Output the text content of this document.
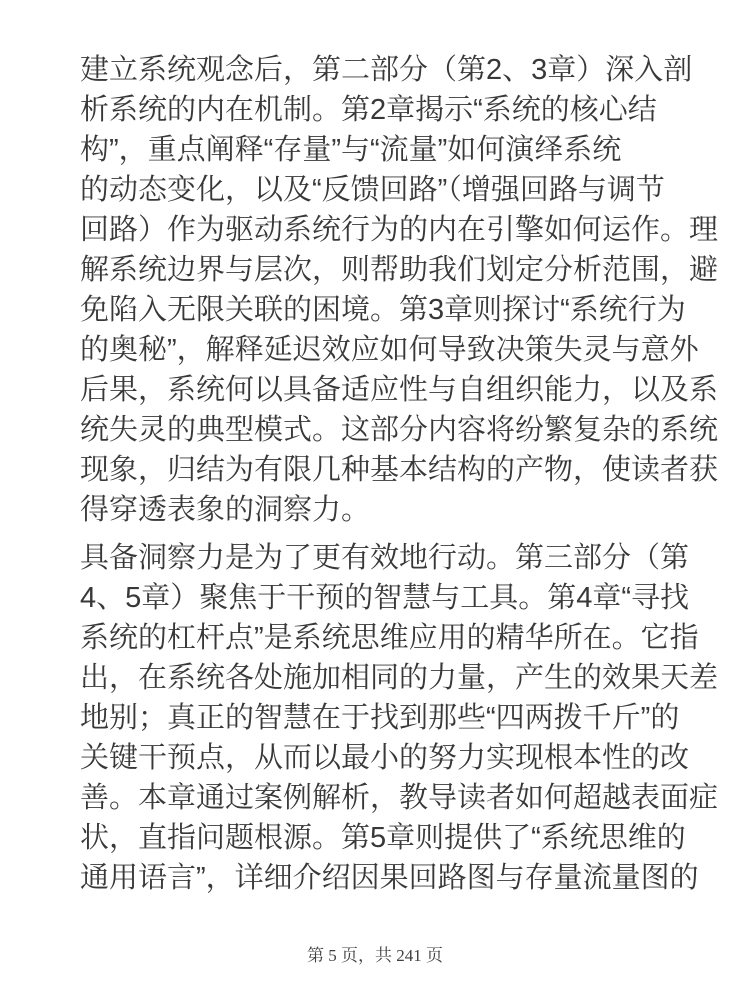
建立系统观念后，第二部分（第2、3章）深入剖
析系统的内在机制。第2章揭示“系统的核心结
构”，重点阐释“存量”与“流量”如何演绎系统
的动态变化，以及“反馈回路”（增强回路与调节
回路）作为驱动系统行为的内在引擎如何运作。理
解系统边界与层次，则帮助我们划定分析范围，避
免陷入无限关联的困境。第3章则探讨“系统行为
的奥秘”，解释延迟效应如何导致决策失灵与意外
后果，系统何以具备适应性与自组织能力，以及系
统失灵的典型模式。这部分内容将纷繁复杂的系统
现象，归结为有限几种基本结构的产物，使读者获
得穿透表象的洞察力。

具备洞察力是为了更有效地行动。第三部分（第
4、5章）聚焦于干预的智慧与工具。第4章“寻找
系统的杠杆点”是系统思维应用的精华所在。它指
出，在系统各处施加相同的力量，产生的效果天差
地别；真正的智慧在于找到那些“四两拨千斤”的
关键干预点，从而以最小的努力实现根本性的改
善。本章通过案例解析，教导读者如何超越表面症
状，直指问题根源。第5章则提供了“系统思维的
通用语言”，详细介绍因果回路图与存量流量图的

第 5 页，共 241 页
